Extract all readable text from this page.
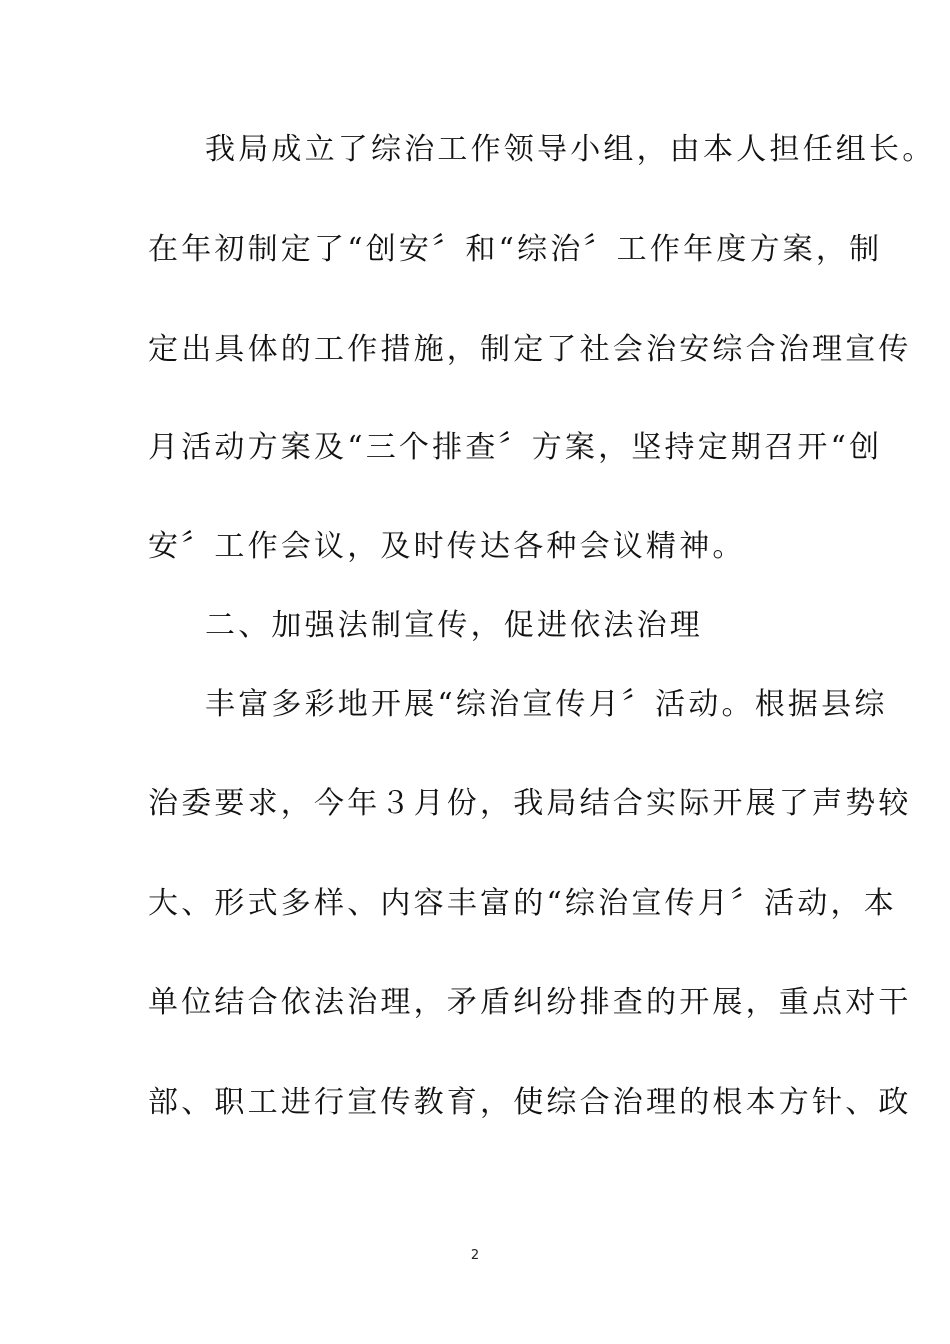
我局成立了综治工作领导小组，由本人担任组长。

在年初制定了“创安〞和“综治〞工作年度方案，制

定出具体的工作措施，制定了社会治安综合治理宣传

月活动方案及“三个排查〞方案，坚持定期召开“创

安〞工作会议，及时传达各种会议精神。

二、加强法制宣传，促进依法治理

丰富多彩地开展“综治宣传月〞活动。根据县综

治委要求，今年３月份，我局结合实际开展了声势较

大、形式多样、内容丰富的“综治宣传月〞活动，本

单位结合依法治理，矛盾纠纷排查的开展，重点对干

部、职工进行宣传教育，使综合治理的根本方针、政

2
